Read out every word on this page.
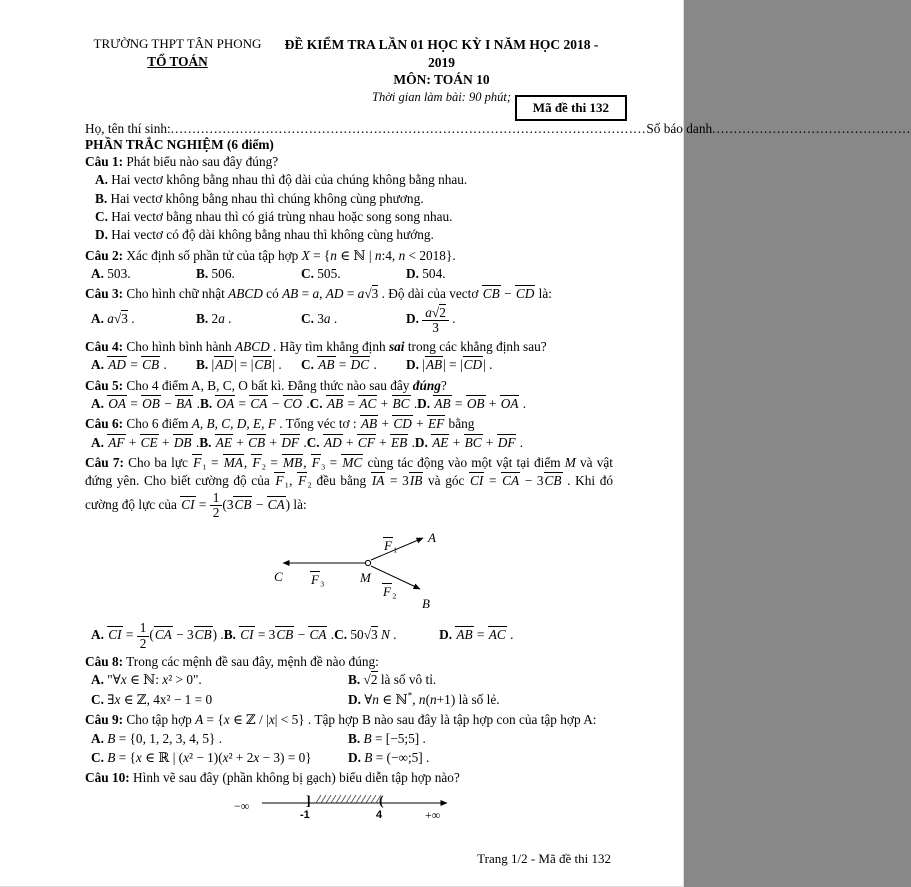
TRƯỜNG THPT TÂN PHONG
TỔ TOÁN
ĐỀ KIỂM TRA LẦN 01 HỌC KỲ I NĂM HỌC 2018 - 2019
MÔN: TOÁN 10
Thời gian làm bài: 90 phút;
Mã đề thi 132
Họ, tên thí sinh: .............................................................................................................. Số báo danh ..............................................
PHẦN TRẮC NGHIỆM (6 điểm)
Câu 1: Phát biểu nào sau đây đúng?
A. Hai vectơ không bằng nhau thì độ dài của chúng không bằng nhau.
B. Hai vectơ không bằng nhau thì chúng không cùng phương.
C. Hai vectơ bằng nhau thì có giá trùng nhau hoặc song song nhau.
D. Hai vectơ có độ dài không bằng nhau thì không cùng hướng.
Câu 2: Xác định số phần tử của tập hợp X = {n ∈ ℕ | n:4, n < 2018}.
A. 503.	B. 506.	C. 505.	D. 504.
Câu 3: Cho hình chữ nhật ABCD có AB = a, AD = a√3 . Độ dài của vectơ CB − CD là:
A. a√3 .	B. 2a .	C. 3a .	D. $\frac{a√2}{3}$ .
Câu 4: Cho hình bình hành ABCD . Hãy tìm khẳng định sai trong các khẳng định sau?
A. AD = CB .	B. |AD| = |CB| .	C. AB = DC .	D. |AB| = |CD| .
Câu 5: Cho 4 điểm A, B, C, O bất kì. Đẳng thức nào sau đây đúng?
A. OA = OB − BA . B. OA = CA − CO . C. AB = AC + BC . D. AB = OB + OA .
Câu 6: Cho 6 điểm A, B, C, D, E, F . Tổng véc tơ : AB + CD + EF bằng
A. AF + CE + DB . B. AE + CB + DF . C. AD + CF + EB . D. AE + BC + DF .
Câu 7: Cho ba lực F₁ = MA, F₂ = MB, F₃ = MC cùng tác động vào một vật tại điểm M và vật đứng yên. Cho biết cường độ của F₁, F₂ đều bằng IA = 3IB và góc CI = CA − 3CB . Khi đó cường độ lực của CI = $\frac{1}{2} (3CB - CA)$ là:
F₁
A
F₃
C	M
F₂
B
A. CI = $\frac{1}{2} (CA - 3CB)$ . B. CI = 3CB − CA . C. 50√3 N .	D. AB = AC .
Câu 8: Trong các mệnh đề sau đây, mệnh đề nào đúng:
A. "∀x ∈ ℕ: x² > 0".	B. √2 là số vô tỉ.
C. ∃x ∈ ℤ, 4x² − 1 = 0	D. ∀n ∈ ℕ*, n(n+1) là số lẻ.
Câu 9: Cho tập hợp A = {x ∈ ℤ / |x| < 5} . Tập hợp B nào sau đây là tập hợp con của tập hợp A:
A. B = {0, 1, 2, 3, 4, 5} .	B. B = [−5;5] .
C. B = {x ∈ ℝ | (x² − 1)(x² + 2x − 3) = 0}	D. B = (−∞;5] .
Câu 10: Hình vẽ sau đây (phần không bị gạch) biểu diễn tập hợp nào?
−∞	]	(
-1	4	+∞
Trang 1/2 - Mã đề thi 132
